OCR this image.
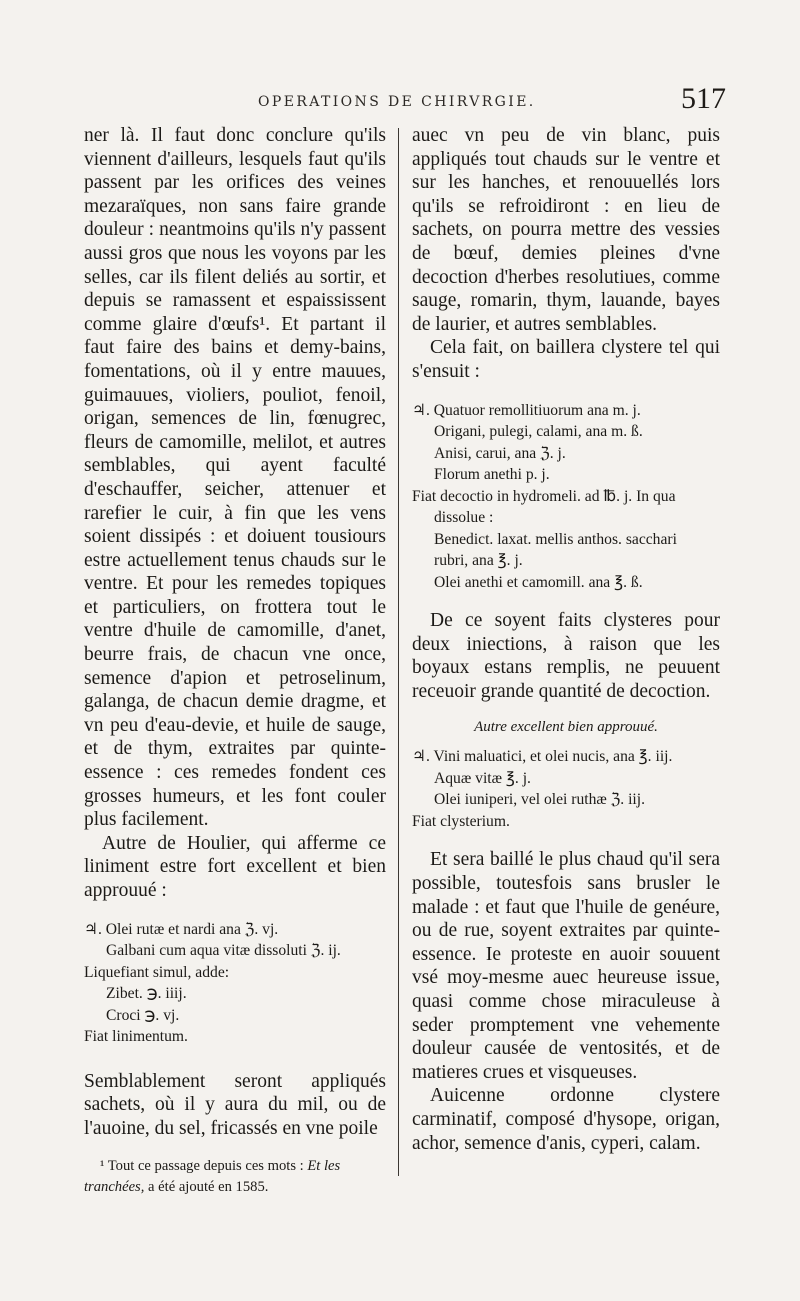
OPERATIONS DE CHIRVRGIE.	517

ner là. Il faut donc conclure qu'ils viennent d'ailleurs, lesquels faut qu'ils passent par les orifices des veines mezaraïques, non sans faire grande douleur : neantmoins qu'ils n'y passent aussi gros que nous les voyons par les selles, car ils filent deliés au sortir, et depuis se ramassent et espaississent comme glaire d'œufs¹. Et partant il faut faire des bains et demy-bains, fomentations, où il y entre mauues, guimauues, violiers, pouliot, fenoil, origan, semences de lin, fœnugrec, fleurs de camomille, melilot, et autres semblables, qui ayent faculté d'eschauffer, seicher, attenuer et rarefier le cuir, à fin que les vens soient dissipés : et doiuent tousiours estre actuellement tenus chauds sur le ventre. Et pour les remedes topiques et particuliers, on frottera tout le ventre d'huile de camomille, d'anet, beurre frais, de chacun vne once, semence d'apion et petroselinum, galanga, de chacun demie dragme, et vn peu d'eau-devie, et huile de sauge, et de thym, extraites par quinte-essence : ces remedes fondent ces grosses humeurs, et les font couler plus facilement.

Autre de Houlier, qui afferme ce liniment estre fort excellent et bien approuué :

♃. Olei rutæ et nardi ana ℨ. vj.
Galbani cum aqua vitæ dissoluti ℨ. ij.
Liquefiant simul, adde:
Zibet. ℈. iiij.
Croci ℈. vj.
Fiat linimentum.

Semblablement seront appliqués sachets, où il y aura du mil, ou de l'auoine, du sel, fricassés en vne poile

¹ Tout ce passage depuis ces mots : Et les tranchées, a été ajouté en 1585.

auec vn peu de vin blanc, puis appliqués tout chauds sur le ventre et sur les hanches, et renouuellés lors qu'ils se refroidiront : en lieu de sachets, on pourra mettre des vessies de bœuf, demies pleines d'vne decoction d'herbes resolutiues, comme sauge, romarin, thym, lauande, bayes de laurier, et autres semblables.

Cela fait, on baillera clystere tel qui s'ensuit :

♃. Quatuor remollitiuorum ana m. j.
Origani, pulegi, calami, ana m. ß.
Anisi, carui, ana ℨ. j.
Florum anethi p. j.
Fiat decoctio in hydromeli. ad ℔. j. In qua
dissolue :
Benedict. laxat. mellis anthos. sacchari
rubri, ana ℥. j.
Olei anethi et camomill. ana ℥. ß.

De ce soyent faits clysteres pour deux iniections, à raison que les boyaux estans remplis, ne peuuent receuoir grande quantité de decoction.

Autre excellent bien approuué.

♃. Vini maluatici, et olei nucis, ana ℥. iij.
Aquæ vitæ ℥. j.
Olei iuniperi, vel olei ruthæ ℨ. iij.
Fiat clysterium.

Et sera baillé le plus chaud qu'il sera possible, toutesfois sans brusler le malade : et faut que l'huile de genéure, ou de rue, soyent extraites par quinte-essence. Ie proteste en auoir souuent vsé moy-mesme auec heureuse issue, quasi comme chose miraculeuse à seder promptement vne vehemente douleur causée de ventosités, et de matieres crues et visqueuses.

Auicenne ordonne clystere carminatif, composé d'hysope, origan, achor, semence d'anis, cyperi, calam.
